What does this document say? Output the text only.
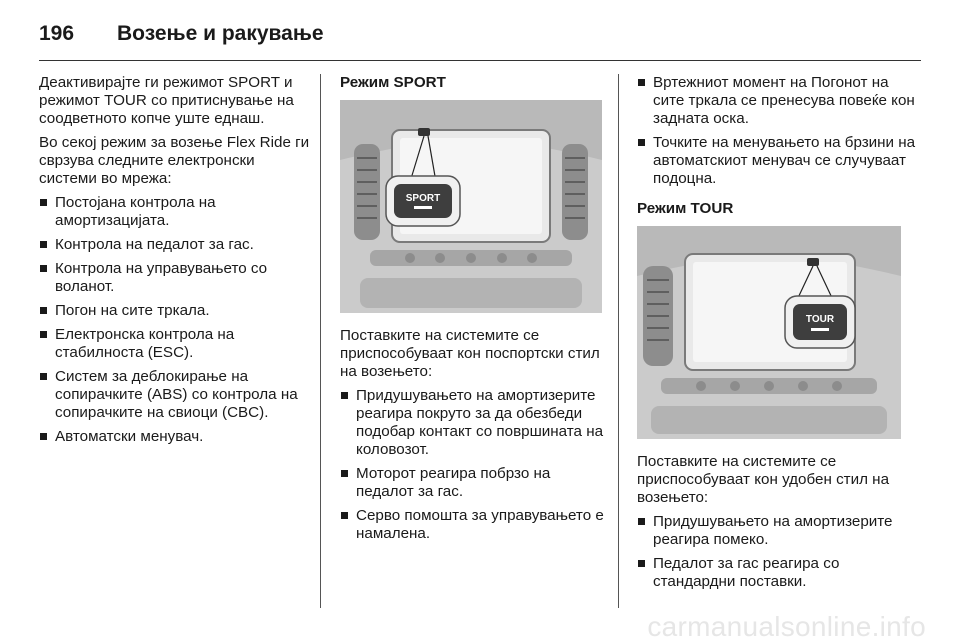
196 Возење и ракување

Деактивирајте ги режимот SPORT и режимот TOUR со притиснување на соодветното копче уште еднаш.

Во секој режим за возење Flex Ride ги сврзува следните електронски системи во мрежа:

Постојана контрола на амортизацијата.
Контрола на педалот за гас.
Контрола на управувањето со воланот.
Погон на сите тркала.
Електронска контрола на стабилноста (ESC).
Систем за деблокирање на сопирачките (ABS) со контрола на сопирачките на свиоци (CBC).
Автоматски менувач.
Режим SPORT
SPORT

Поставките на системите се приспособуваат кон поспортски стил на возењето:

Придушувањето на амортизерите реагира покруто за да обезбеди подобар контакт со површината на коловозот.
Моторот реагира побрзо на педалот за гас.
Серво помошта за управувањето е намалена.
Вртежниот момент на Погонот на сите тркала се пренесува повеќе кон задната оска.
Точките на менувањето на брзини на автоматскиот менувач се случуваат подоцна.
Режим TOUR
TOUR

Поставките на системите се приспособуваат кон удобен стил на возењето:

Придушувањето на амортизерите реагира помеко.
Педалот за гас реагира со стандардни поставки.
carmanualsonline.info
